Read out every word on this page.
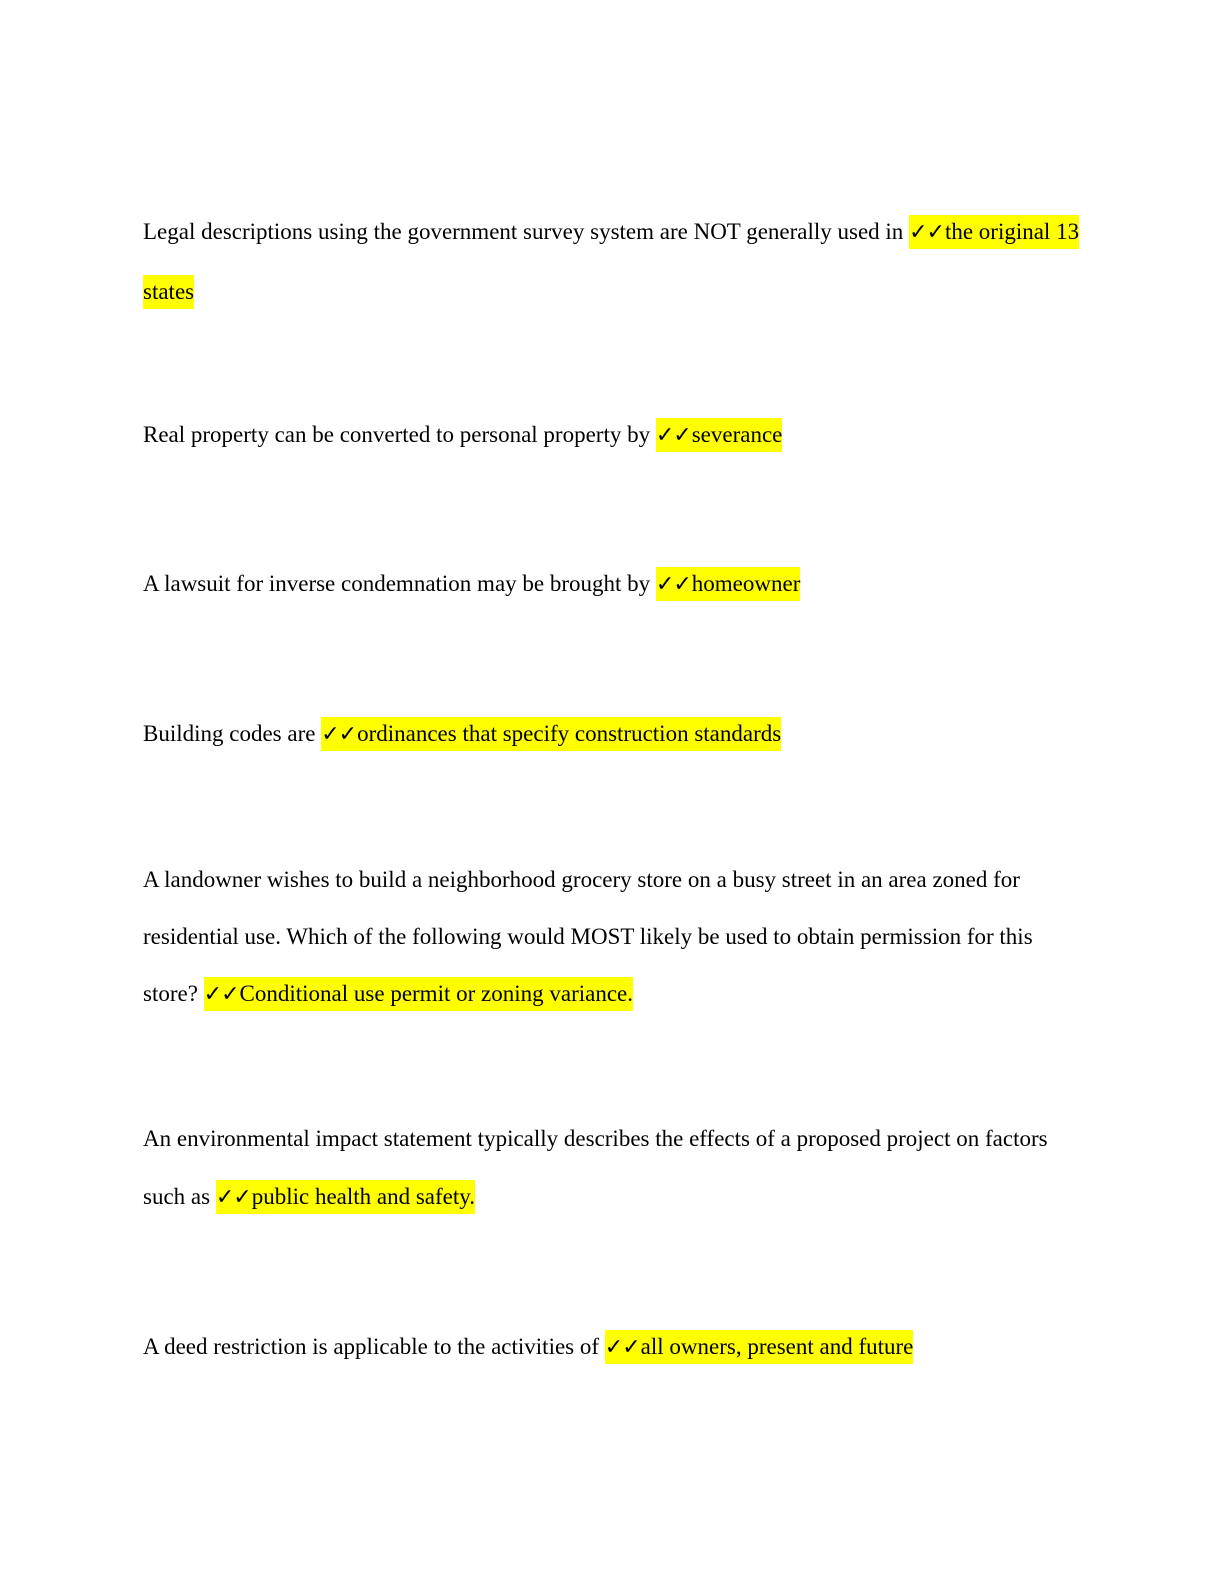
Legal descriptions using the government survey system are NOT generally used in ✓✓the original 13 states

Real property can be converted to personal property by ✓✓severance

A lawsuit for inverse condemnation may be brought by ✓✓homeowner

Building codes are ✓✓ordinances that specify construction standards

A landowner wishes to build a neighborhood grocery store on a busy street in an area zoned for residential use. Which of the following would MOST likely be used to obtain permission for this store? ✓✓Conditional use permit or zoning variance.

An environmental impact statement typically describes the effects of a proposed project on factors such as ✓✓public health and safety.

A deed restriction is applicable to the activities of ✓✓all owners, present and future
